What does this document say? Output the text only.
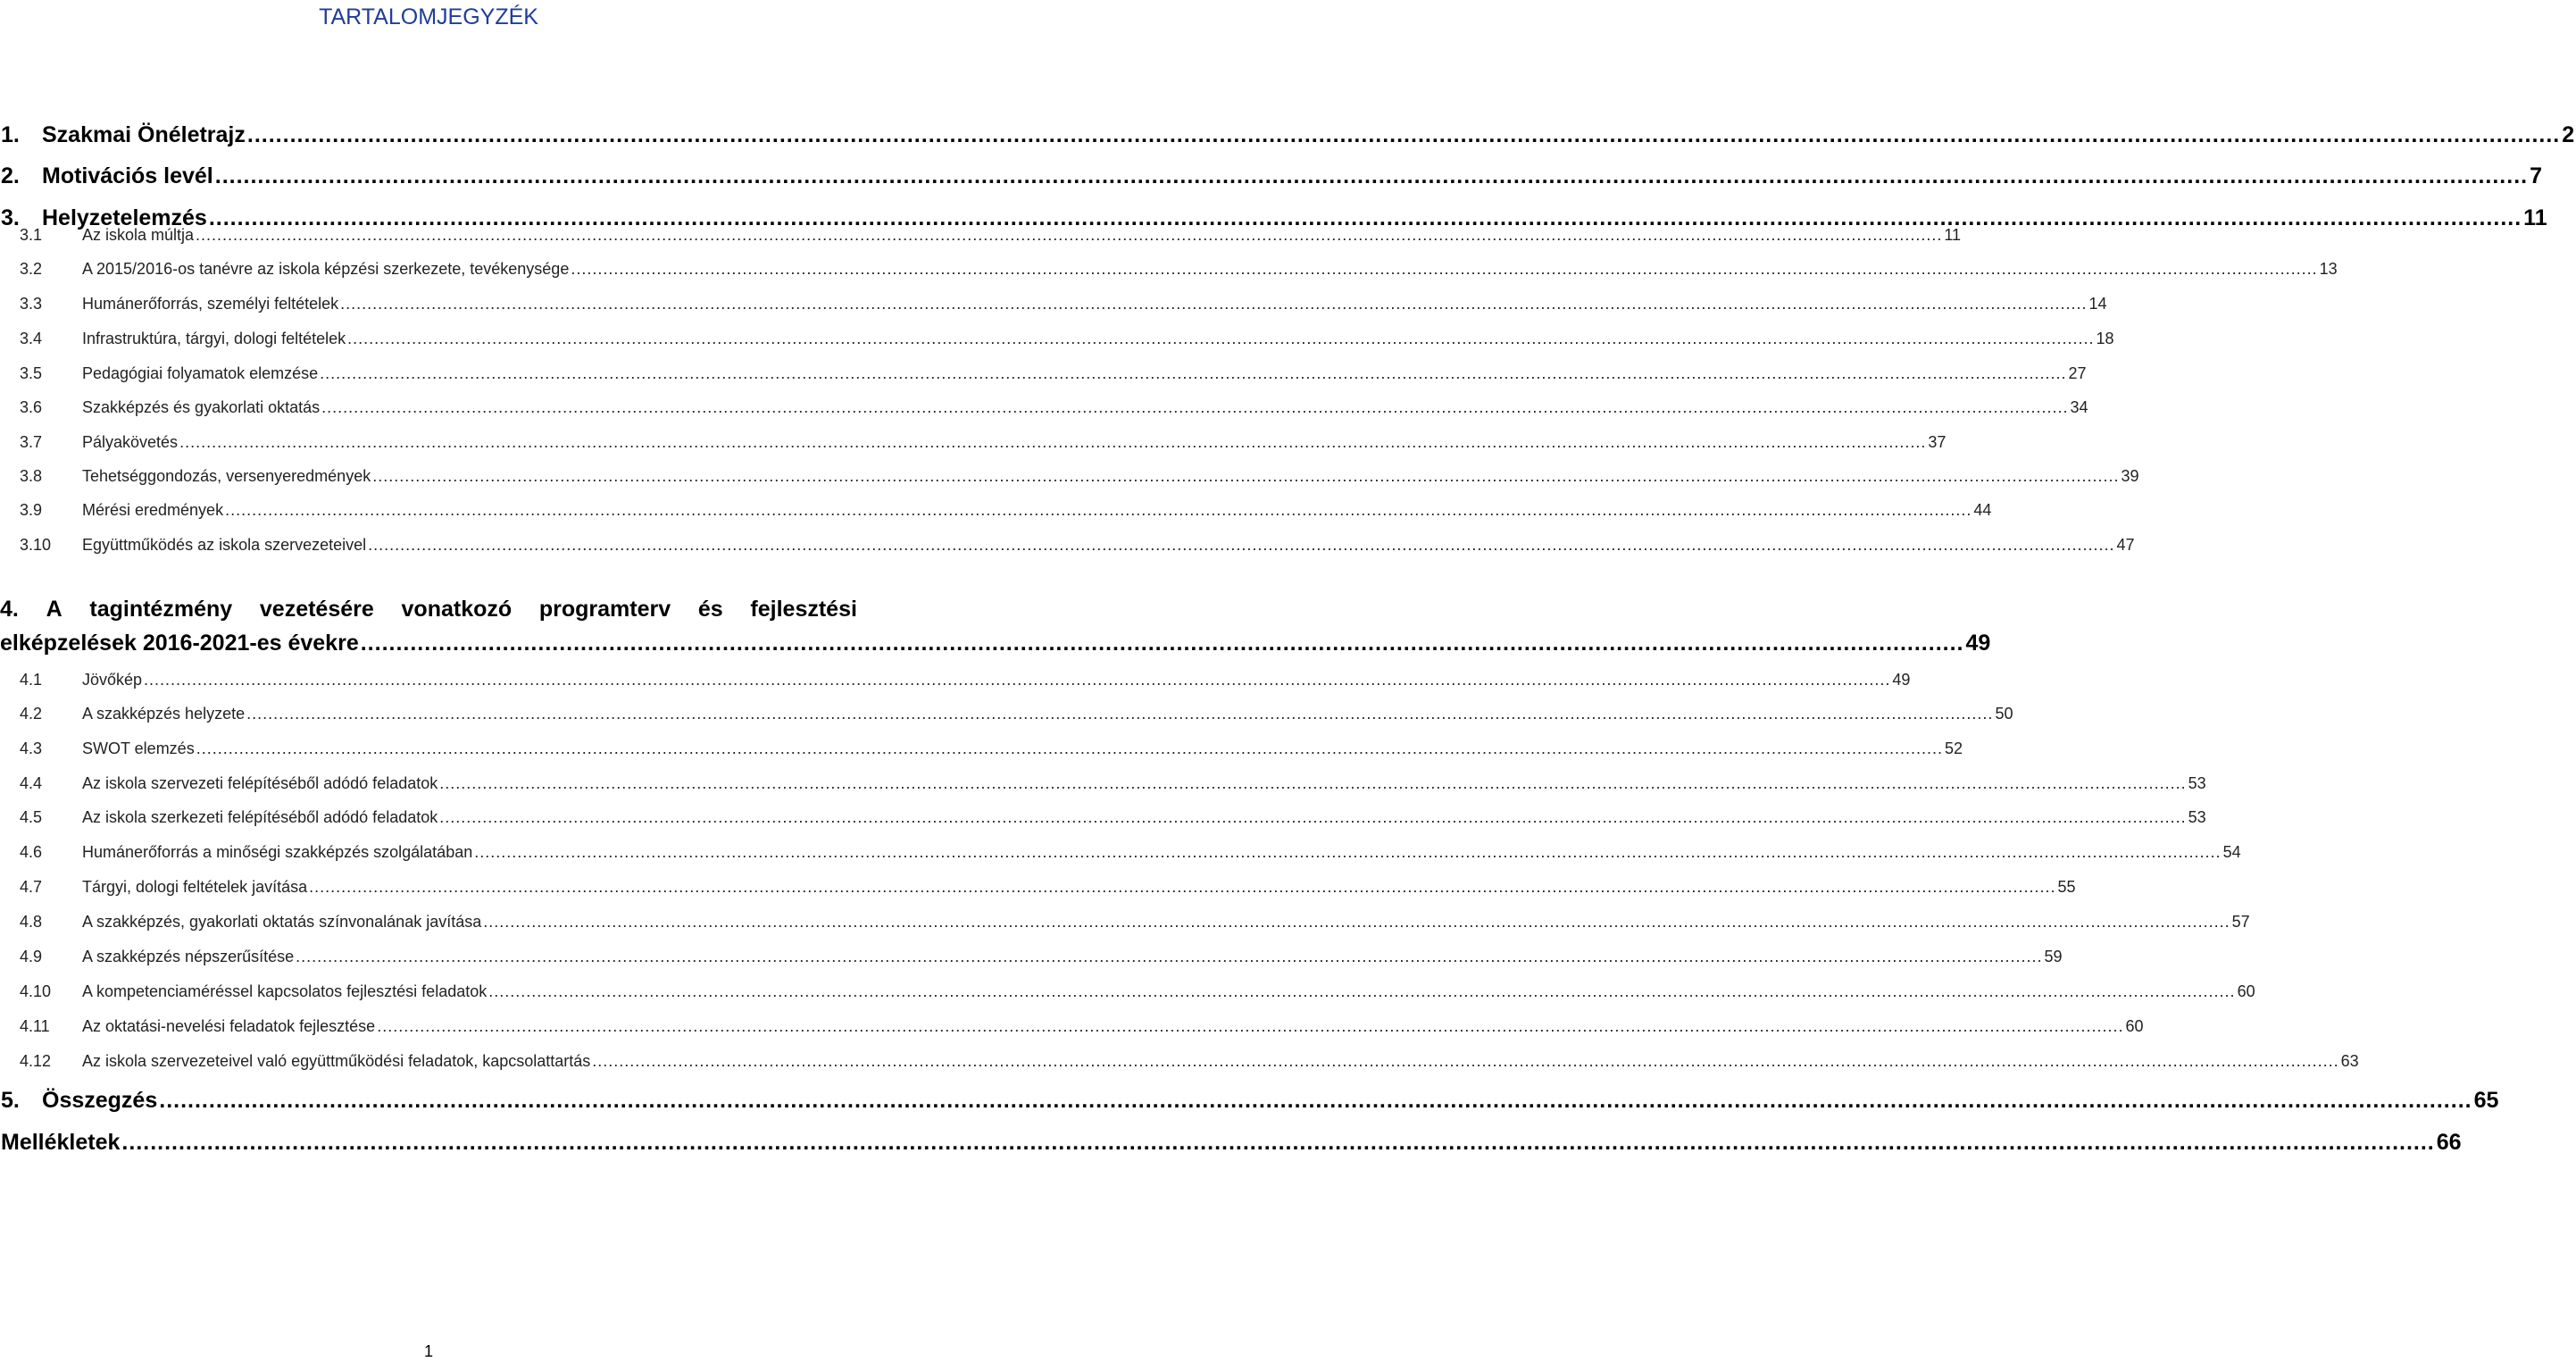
TARTALOMJEGYZÉK
1.	Szakmai Önéletrajz .....	2
2.	Motivációs levél .....	7
3.	Helyzetelemzés .....	11
3.1	Az iskola múltja .....	11
3.2	A 2015/2016-os tanévre az iskola képzési szerkezete, tevékenysége .....	13
3.3	Humánerőforrás, személyi feltételek .....	14
3.4	Infrastruktúra, tárgyi, dologi feltételek .....	18
3.5	Pedagógiai folyamatok elemzése .....	27
3.6	Szakképzés és gyakorlati oktatás .....	34
3.7	Pályakövetés .....	37
3.8	Tehetséggondozás, versenyeredmények .....	39
3.9	Mérési eredmények .....	44
3.10	Együttműködés az iskola szervezeteivel .....	47
4. A tagintézmény vezetésére vonatkozó programterv és fejlesztési
elképzelések 2016-2021-es évekre .....	49
4.1	Jövőkép .....	49
4.2	A szakképzés helyzete .....	50
4.3	SWOT elemzés .....	52
4.4	Az iskola szervezeti felépítéséből adódó feladatok .....	53
4.5	Az iskola szerkezeti felépítéséből adódó feladatok .....	53
4.6	Humánerőforrás a minőségi szakképzés szolgálatában .....	54
4.7	Tárgyi, dologi feltételek javítása .....	55
4.8	A szakképzés, gyakorlati oktatás színvonalának javítása .....	57
4.9	A szakképzés népszerűsítése .....	59
4.10	A kompetenciaméréssel kapcsolatos fejlesztési feladatok .....	60
4.11	Az oktatási-nevelési feladatok fejlesztése .....	60
4.12	Az iskola szervezeteivel való együttműködési feladatok, kapcsolattartás .....	63
5.	Összegzés .....	65
Mellékletek .....	66
1
